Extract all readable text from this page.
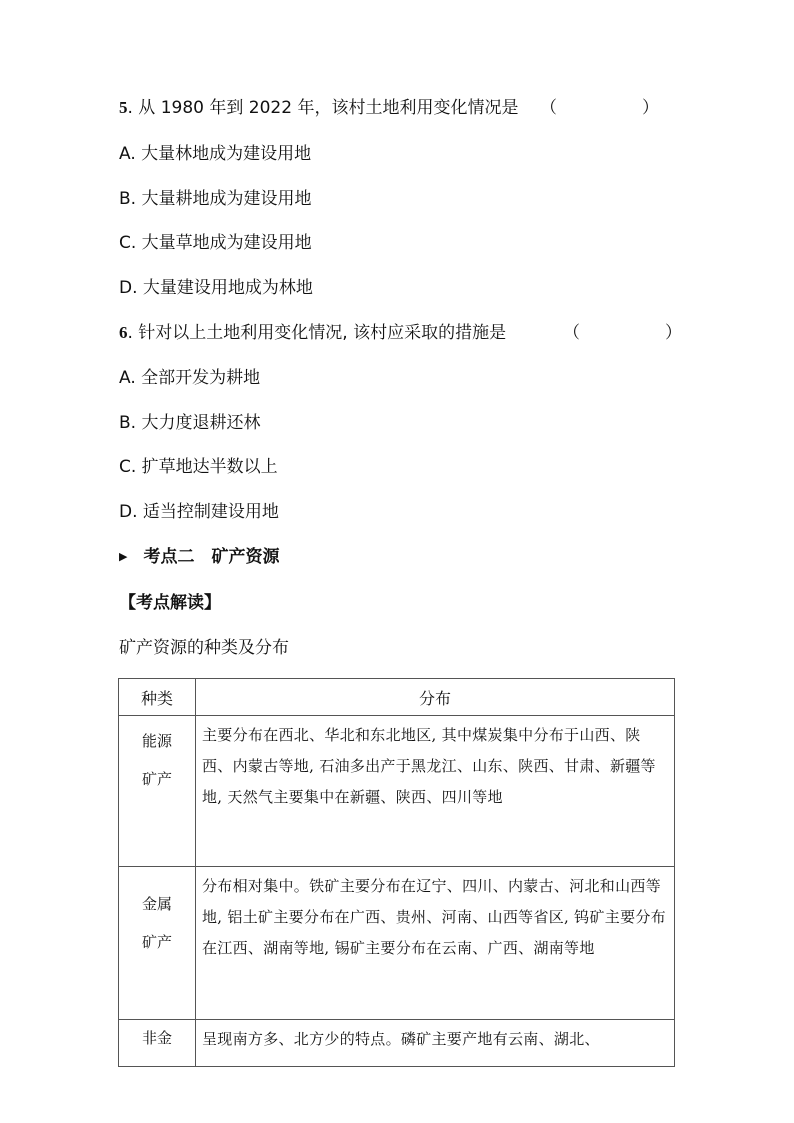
5. 从 1980 年到 2022 年，该村土地利用变化情况是 （　　　　　）
A. 大量林地成为建设用地
B. 大量耕地成为建设用地
C. 大量草地成为建设用地
D. 大量建设用地成为林地
6. 针对以上土地利用变化情况, 该村应采取的措施是	（　　　　　）
A. 全部开发为耕地
B. 大力度退耕还林
C. 扩草地达半数以上
D. 适当控制建设用地
▶ 考点二　矿产资源
【考点解读】
矿产资源的种类及分布
种类	分布

能源
矿产	主要分布在西北、华北和东北地区, 其中煤炭集中分布于山西、陕西、内蒙古等地, 石油多出产于黑龙江、山东、陕西、甘肃、新疆等地, 天然气主要集中在新疆、陕西、四川等地

金属
矿产	分布相对集中。铁矿主要分布在辽宁、四川、内蒙古、河北和山西等地, 铝土矿主要分布在广西、贵州、河南、山西等省区, 钨矿主要分布在江西、湖南等地, 锡矿主要分布在云南、广西、湖南等地

非金	呈现南方多、北方少的特点。磷矿主要产地有云南、湖北、
